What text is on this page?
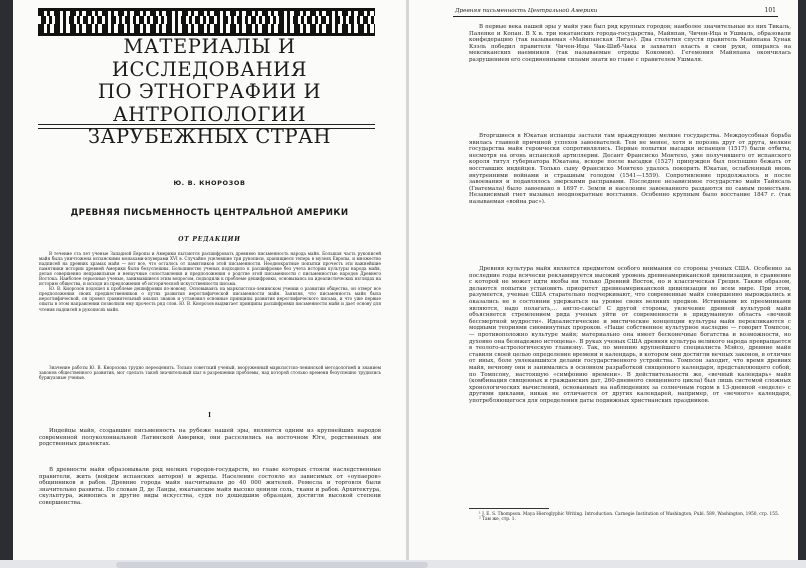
МАТЕРИАЛЫ И ИССЛЕДОВАНИЯ
ПО ЭТНОГРАФИИ И АНТРОПОЛОГИИ
ЗАРУБЕЖНЫХ СТРАН
Ю. В. КНОРОЗОВ
ДРЕВНЯЯ ПИСЬМЕННОСТЬ ЦЕНТРАЛЬНОЙ АМЕРИКИ
ОТ РЕДАКЦИИ
В течение ста лет ученые Западной Европы и Америки пытаются расшифровать древнюю письменность народа майя. Большая часть рукописей майя была уничтожена испанскими монахами-изуверами XVI в. Случайно уцелевшие три рукописи, хранящиеся теперь в музеях Европы, и множество надписей на древних храмах майя — вот все, что осталось от памятников этой письменности. Неоднократные попытки прочесть эти важнейшие памятники истории древней Америки были безуспешны. Большинство ученых подходило к расшифровке без учета истории культуры народа майя, делая совершенно неправильные и ненаучные сопоставления и предположения о родстве этой письменности с письменностью народов Древнего Востока. Наиболее серьезные ученые, занимавшиеся этим вопросом, подходили к проблеме дешифровки, основываясь на идеалистических взглядах на историю общества, и исходя из предложения об исторической искусственности письма.
Ю. В. Кнорозов подошел к проблеме дешифровки по-новому. Основываясь на марксистско-ленинском учении о развитии общества, он отверг все предположения своих предшественников о путях развития иероглифической письменности майя. Заявляя, что письменность майя была иероглифической, он провел сравнительный анализ знаков и установил основные принципы развития иероглифического письма, и что уже первые опыты в этом направлении позволили ему прочесть ряд слов. Ю. В. Кнорозов выдвигает принципы расшифровки письменности майя и дает основу для чтения надписей в рукописях майя.
Значение работы Ю. В. Кнорозова трудно переоценить. Только советский ученый, вооруженный марксистско-ленинской методологией и знанием законов общественного развития, мог сделать такой значительный шаг в разрешении проблемы, над которой столько времени безуспешно трудились буржуазные ученые.
I
Индейцы майя, создавшие письменность на рубеже нашей эры, являются одним из крупнейших народов современной полуколониальной Латинской Америки, они расселились на восточном Юге, родственных им родственных диалектах.
В древности майя образовывали ряд мелких городов-государств, во главе которых стояли наследственные правители, жить (войдем испанских авторов) и жрецы. Население состояло из зависимых от «оупаеров» общинников и рабов. Древние города майя насчитывали до 40 000 жителей. Ремесла и торговля были значительно развиты. По словам Д. де Ланды, юкатанские майя высоко ценили соль, ткани и рабов. Архитектура, скульптура, живопись и другие виды искусства, судя по дошедшим образцам, достигли высокой степени совершенства.
Древняя письменность Центральной Америки	101
В первые века нашей эры у майя уже был ряд крупных городов; наиболее значительные из них Тикаль, Паленке и Копан. В X в. три юкатанских города-государства, Майяпан, Чичен-Ица и Ушмаль, образовали конфедерацию (так называемая «Майяпанская Лига»). Два столетия спустя правитель Майяпана Хунак Кээль победил правителя Чичен-Ицы Чак-Шиб-Чака и захватил власть в свои руки, опираясь на мексиканских наемников (так называемые отряды Кокомов). Гегемония Майяпана окончилась разрушением его соединенными силами знати во главе с правителем Ушмаля.
Вторгшиеся в Юкатан испанцы застали там враждующие мелкие государства. Междоусобная борьба явилась главной причиной успехов завоевателей. Тем не менее, хотя и порознь друг от друга, мелкие государства майя героически сопротивлялись. Первые попытки высадки испанцев (1517) были отбиты, несмотря на огонь испанской артиллерии. Десант Франсиско Монтехо, уже получившего от испанского короля титул губернатора Юкатана, вскоре после высадки (1527) принужден был поспешно бежать от восставших индейцев. Только сыну Франсиско Монтехо удалось покорить Юкатан, ослабленный вновь внутренними войнами и страшным голодом (1541—1559). Сопротивление продолжалось и после завоевания и подавлялось зверскими расправами. Последнее независимое государство майя Тайясаль (Гватемала) было завоевано в 1697 г. Земли и население завоеванного раздаются по самым поместьям. Независимый гнет вызывал неоднократные восстания. Особенно крупным было восстание 1847 г. (так называемая «война рас»).
Древняя культура майя является предметом особого внимания со стороны ученых США. Особенно за последние годы всячески рекламируется высокий уровень древнеамериканской цивилизации, в сравнение с которой не может идти якобы ни только Древний Восток, но и классическая Греция. Таким образом, делаются попытки установить приоритет древнеамериканской цивилизации во всем мире. При этом, разумеется, ученые США старательно подчеркивают, что современные майя совершенно вырождались и оказались не в состоянии удержаться на уровне своих великих предков. Истинными их преемниками являются, надо полагать,... англо-саксы! С другой стороны, увлечение древней культурой майя объясняется стремлением ряда ученых уйти от современности в придуманную область «вечной бессмертной мудрости». Идеалистические и мистические концепции культуры майя перекликаются с модными теориями сиюминутных пророков. «Наше собственное культурное наследие — говорит Томпсон, — противоположно культуре майя; материально она имеет бесконечные богатства и возможности, но духовно она безнадежно истощена». В руках ученых США древняя культура великого народа превращается в теолого-астрологическую главизну. Так, по мнению крупнейшего специалиста Мэйсо, древние майя ставили своей целью определение времени и календарь, в котором они достигли вечных законов, в отличие от иных, боле увлекавшихся делами государственного устройства. Томпсон заходит, что время древних майя, вечному они и занимались в основном разработкой священного календаря, представляющего собой, по Томпсону, настоящую «симфонию времени». В действительности же, «вечный календарь» майя (комбинация священных и гражданских дат, 260-дневного священного цикла) был лишь системой сложных хронологических вычислений, основанных на наблюдениях за солнечным годом в 13-дневной «неделе» с другими циклами, никак не отличается от других календарей, например, от «вечного» календаря, употребляющегося для определения даты подвижных христианских праздников.
¹ J. E. S. Thompson. Maya Hieroglyphic Writing. Introduction. Carnegie Institution of Washington, Publ. 589, Washington, 1950, стр. 155.
² Там же, стр. 1.
